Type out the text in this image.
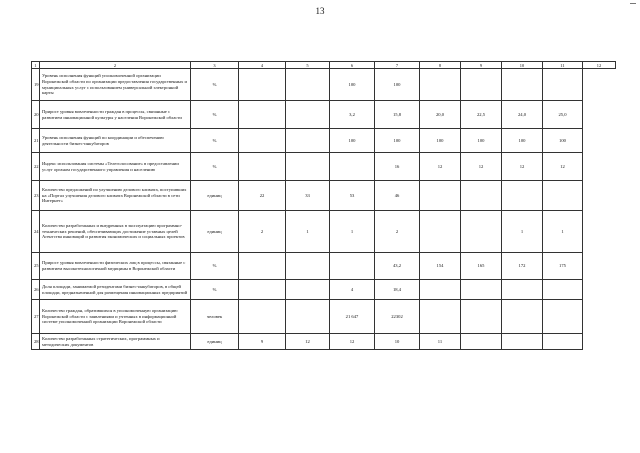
13
1	2	3	4	5	6	7	8	9	10	11	12
19	Уровень исполнения функций уполномоченной организации Воронежской области по организации предоставления государственных и муниципальных услуг с использованием универсальной электронной карты	%			100	100					
20	Прирост уровня вовлеченности граждан в процессы, связанные с развитием инновационной культуры у населения Воронежской области	%			3,2	15,8	20,0	22,5	24,0	25,0	
21	Уровень исполнения функций по координации и обеспечению деятельности бизнес-инкубаторов	%			100	100	100	100	100	100	
22	Индекс использования системы «Телеголосование» в предоставлении услуг органам государственного управления и населению	%				16	12	12	12	12	
23	Количество предложений по улучшению делового климата, поступивших на «Портал улучшения делового климата Воронежской области в сети Интернет»	единиц	22	33	53	46					
24	Количество разработанных и внедренных в эксплуатацию программно-технических решений, обеспечивающих достижение уставных целей Агентства инноваций и развития экономических и социальных проектов	единиц	2	1	1	2			1	1	
25	Прирост уровня вовлеченности физических лиц в процессы, связанные с развитием высокотехнологичной медицины в Воронежской области	%				43,2	154	165	172	175	
26	Доля площади, занимаемой резидентами бизнес-инкубаторов, в общей площади, предназначенной для размещения инновационных предприятий	%			4	18,4					
27	Количество граждан, обратившихся в уполномоченную организацию Воронежской области с заявлениями и учтенных в информационной системе уполномоченной организации Воронежской области	человек			21 647	22302					
28	Количество разработанных стратегических, программных и методических документов	единиц	9	12	12	10	11				
